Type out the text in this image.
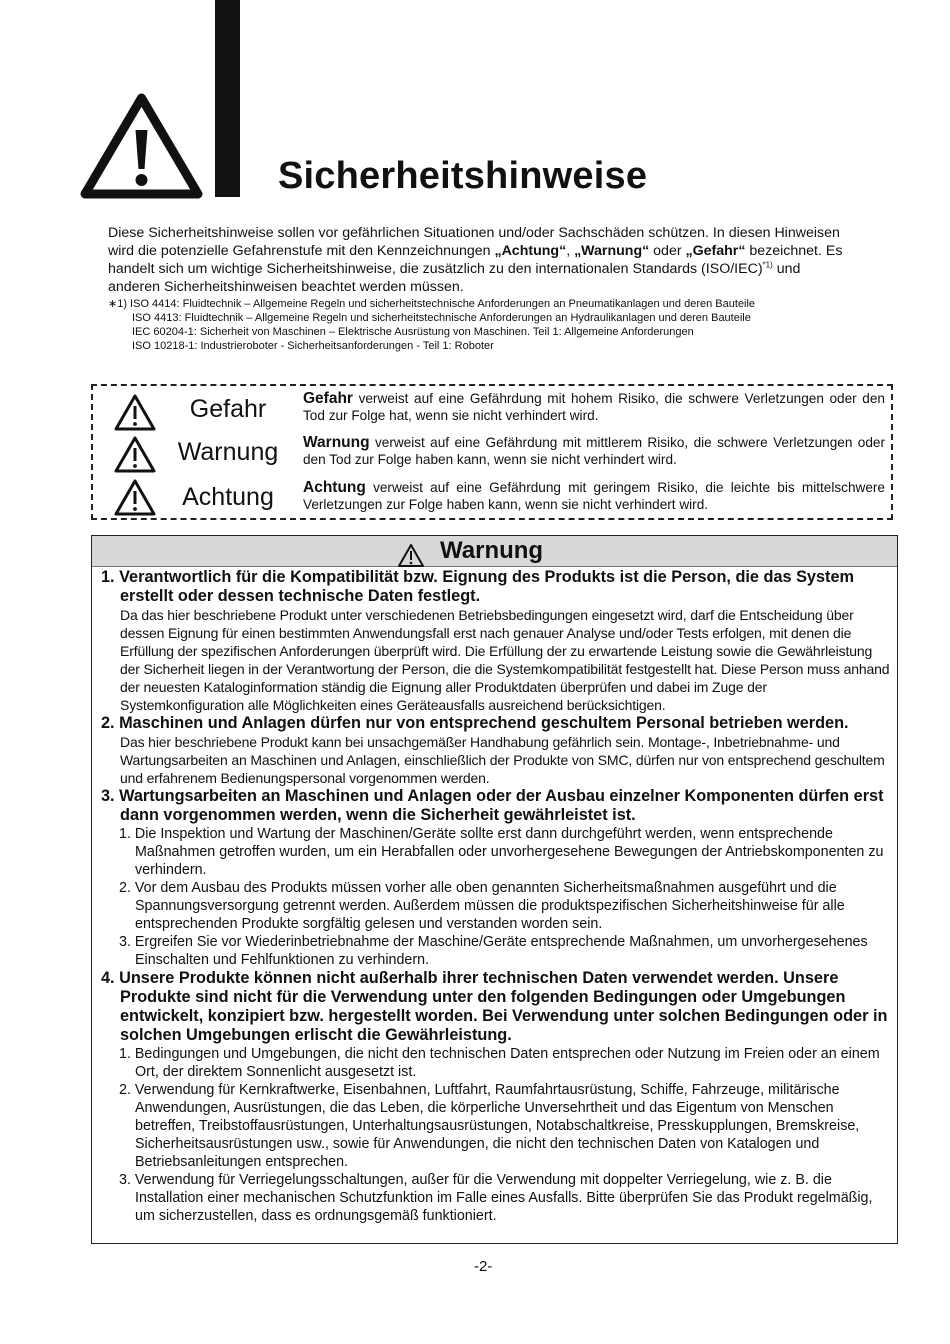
Sicherheitshinweise
Diese Sicherheitshinweise sollen vor gefährlichen Situationen und/oder Sachschäden schützen. In diesen Hinweisen wird die potenzielle Gefahrenstufe mit den Kennzeichnungen „Achtung“, „Warnung“ oder „Gefahr“ bezeichnet. Es handelt sich um wichtige Sicherheitshinweise, die zusätzlich zu den internationalen Standards $(ISO/IEC)^{*1)}$ und anderen Sicherheitshinweisen beachtet werden müssen.
∗1) ISO 4414: Fluidtechnik – Allgemeine Regeln und sicherheitstechnische Anforderungen an Pneumatikanlagen und deren Bauteile
ISO 4413: Fluidtechnik – Allgemeine Regeln und sicherheitstechnische Anforderungen an Hydraulikanlagen und deren Bauteile
IEC 60204-1: Sicherheit von Maschinen – Elektrische Ausrüstung von Maschinen. Teil 1: Allgemeine Anforderungen
ISO 10218-1: Industrieroboter - Sicherheitsanforderungen - Teil 1: Roboter
Gefahr	Gefahr verweist auf eine Gefährdung mit hohem Risiko, die schwere Verletzungen oder den Tod zur Folge hat, wenn sie nicht verhindert wird.
Warnung	Warnung verweist auf eine Gefährdung mit mittlerem Risiko, die schwere Verletzungen oder den Tod zur Folge haben kann, wenn sie nicht verhindert wird.
Achtung	Achtung verweist auf eine Gefährdung mit geringem Risiko, die leichte bis mittelschwere Verletzungen zur Folge haben kann, wenn sie nicht verhindert wird.
Warnung

1. Verantwortlich für die Kompatibilität bzw. Eignung des Produkts ist die Person, die das System erstellt oder dessen technische Daten festlegt.

Da das hier beschriebene Produkt unter verschiedenen Betriebsbedingungen eingesetzt wird, darf die Entscheidung über dessen Eignung für einen bestimmten Anwendungsfall erst nach genauer Analyse und/oder Tests erfolgen, mit denen die Erfüllung der spezifischen Anforderungen überprüft wird. Die Erfüllung der zu erwartende Leistung sowie die Gewährleistung der Sicherheit liegen in der Verantwortung der Person, die die Systemkompatibilität festgestellt hat. Diese Person muss anhand der neuesten Kataloginformation ständig die Eignung aller Produktdaten überprüfen und dabei im Zuge der Systemkonfiguration alle Möglichkeiten eines Geräteausfalls ausreichend berücksichtigen.

2. Maschinen und Anlagen dürfen nur von entsprechend geschultem Personal betrieben werden.

Das hier beschriebene Produkt kann bei unsachgemäßer Handhabung gefährlich sein. Montage-, Inbetriebnahme- und Wartungsarbeiten an Maschinen und Anlagen, einschließlich der Produkte von SMC, dürfen nur von entsprechend geschultem und erfahrenem Bedienungspersonal vorgenommen werden.

3. Wartungsarbeiten an Maschinen und Anlagen oder der Ausbau einzelner Komponenten dürfen erst dann vorgenommen werden, wenn die Sicherheit gewährleistet ist.

1. Die Inspektion und Wartung der Maschinen/Geräte sollte erst dann durchgeführt werden, wenn entsprechende Maßnahmen getroffen wurden, um ein Herabfallen oder unvorhergesehene Bewegungen der Antriebskomponenten zu verhindern.

2. Vor dem Ausbau des Produkts müssen vorher alle oben genannten Sicherheitsmaßnahmen ausgeführt und die Spannungsversorgung getrennt werden. Außerdem müssen die produktspezifischen Sicherheitshinweise für alle entsprechenden Produkte sorgfältig gelesen und verstanden worden sein.

3. Ergreifen Sie vor Wiederinbetriebnahme der Maschine/Geräte entsprechende Maßnahmen, um unvorhergesehenes Einschalten und Fehlfunktionen zu verhindern.

4. Unsere Produkte können nicht außerhalb ihrer technischen Daten verwendet werden. Unsere Produkte sind nicht für die Verwendung unter den folgenden Bedingungen oder Umgebungen entwickelt, konzipiert bzw. hergestellt worden. Bei Verwendung unter solchen Bedingungen oder in solchen Umgebungen erlischt die Gewährleistung.

1. Bedingungen und Umgebungen, die nicht den technischen Daten entsprechen oder Nutzung im Freien oder an einem Ort, der direktem Sonnenlicht ausgesetzt ist.

2. Verwendung für Kernkraftwerke, Eisenbahnen, Luftfahrt, Raumfahrtausrüstung, Schiffe, Fahrzeuge, militärische Anwendungen, Ausrüstungen, die das Leben, die körperliche Unversehrtheit und das Eigentum von Menschen betreffen, Treibstoffausrüstungen, Unterhaltungsausrüstungen, Notabschaltkreise, Presskupplungen, Bremskreise, Sicherheitsausrüstungen usw., sowie für Anwendungen, die nicht den technischen Daten von Katalogen und Betriebsanleitungen entsprechen.

3. Verwendung für Verriegelungsschaltungen, außer für die Verwendung mit doppelter Verriegelung, wie z. B. die Installation einer mechanischen Schutzfunktion im Falle eines Ausfalls. Bitte überprüfen Sie das Produkt regelmäßig, um sicherzustellen, dass es ordnungsgemäß funktioniert.

-2-
